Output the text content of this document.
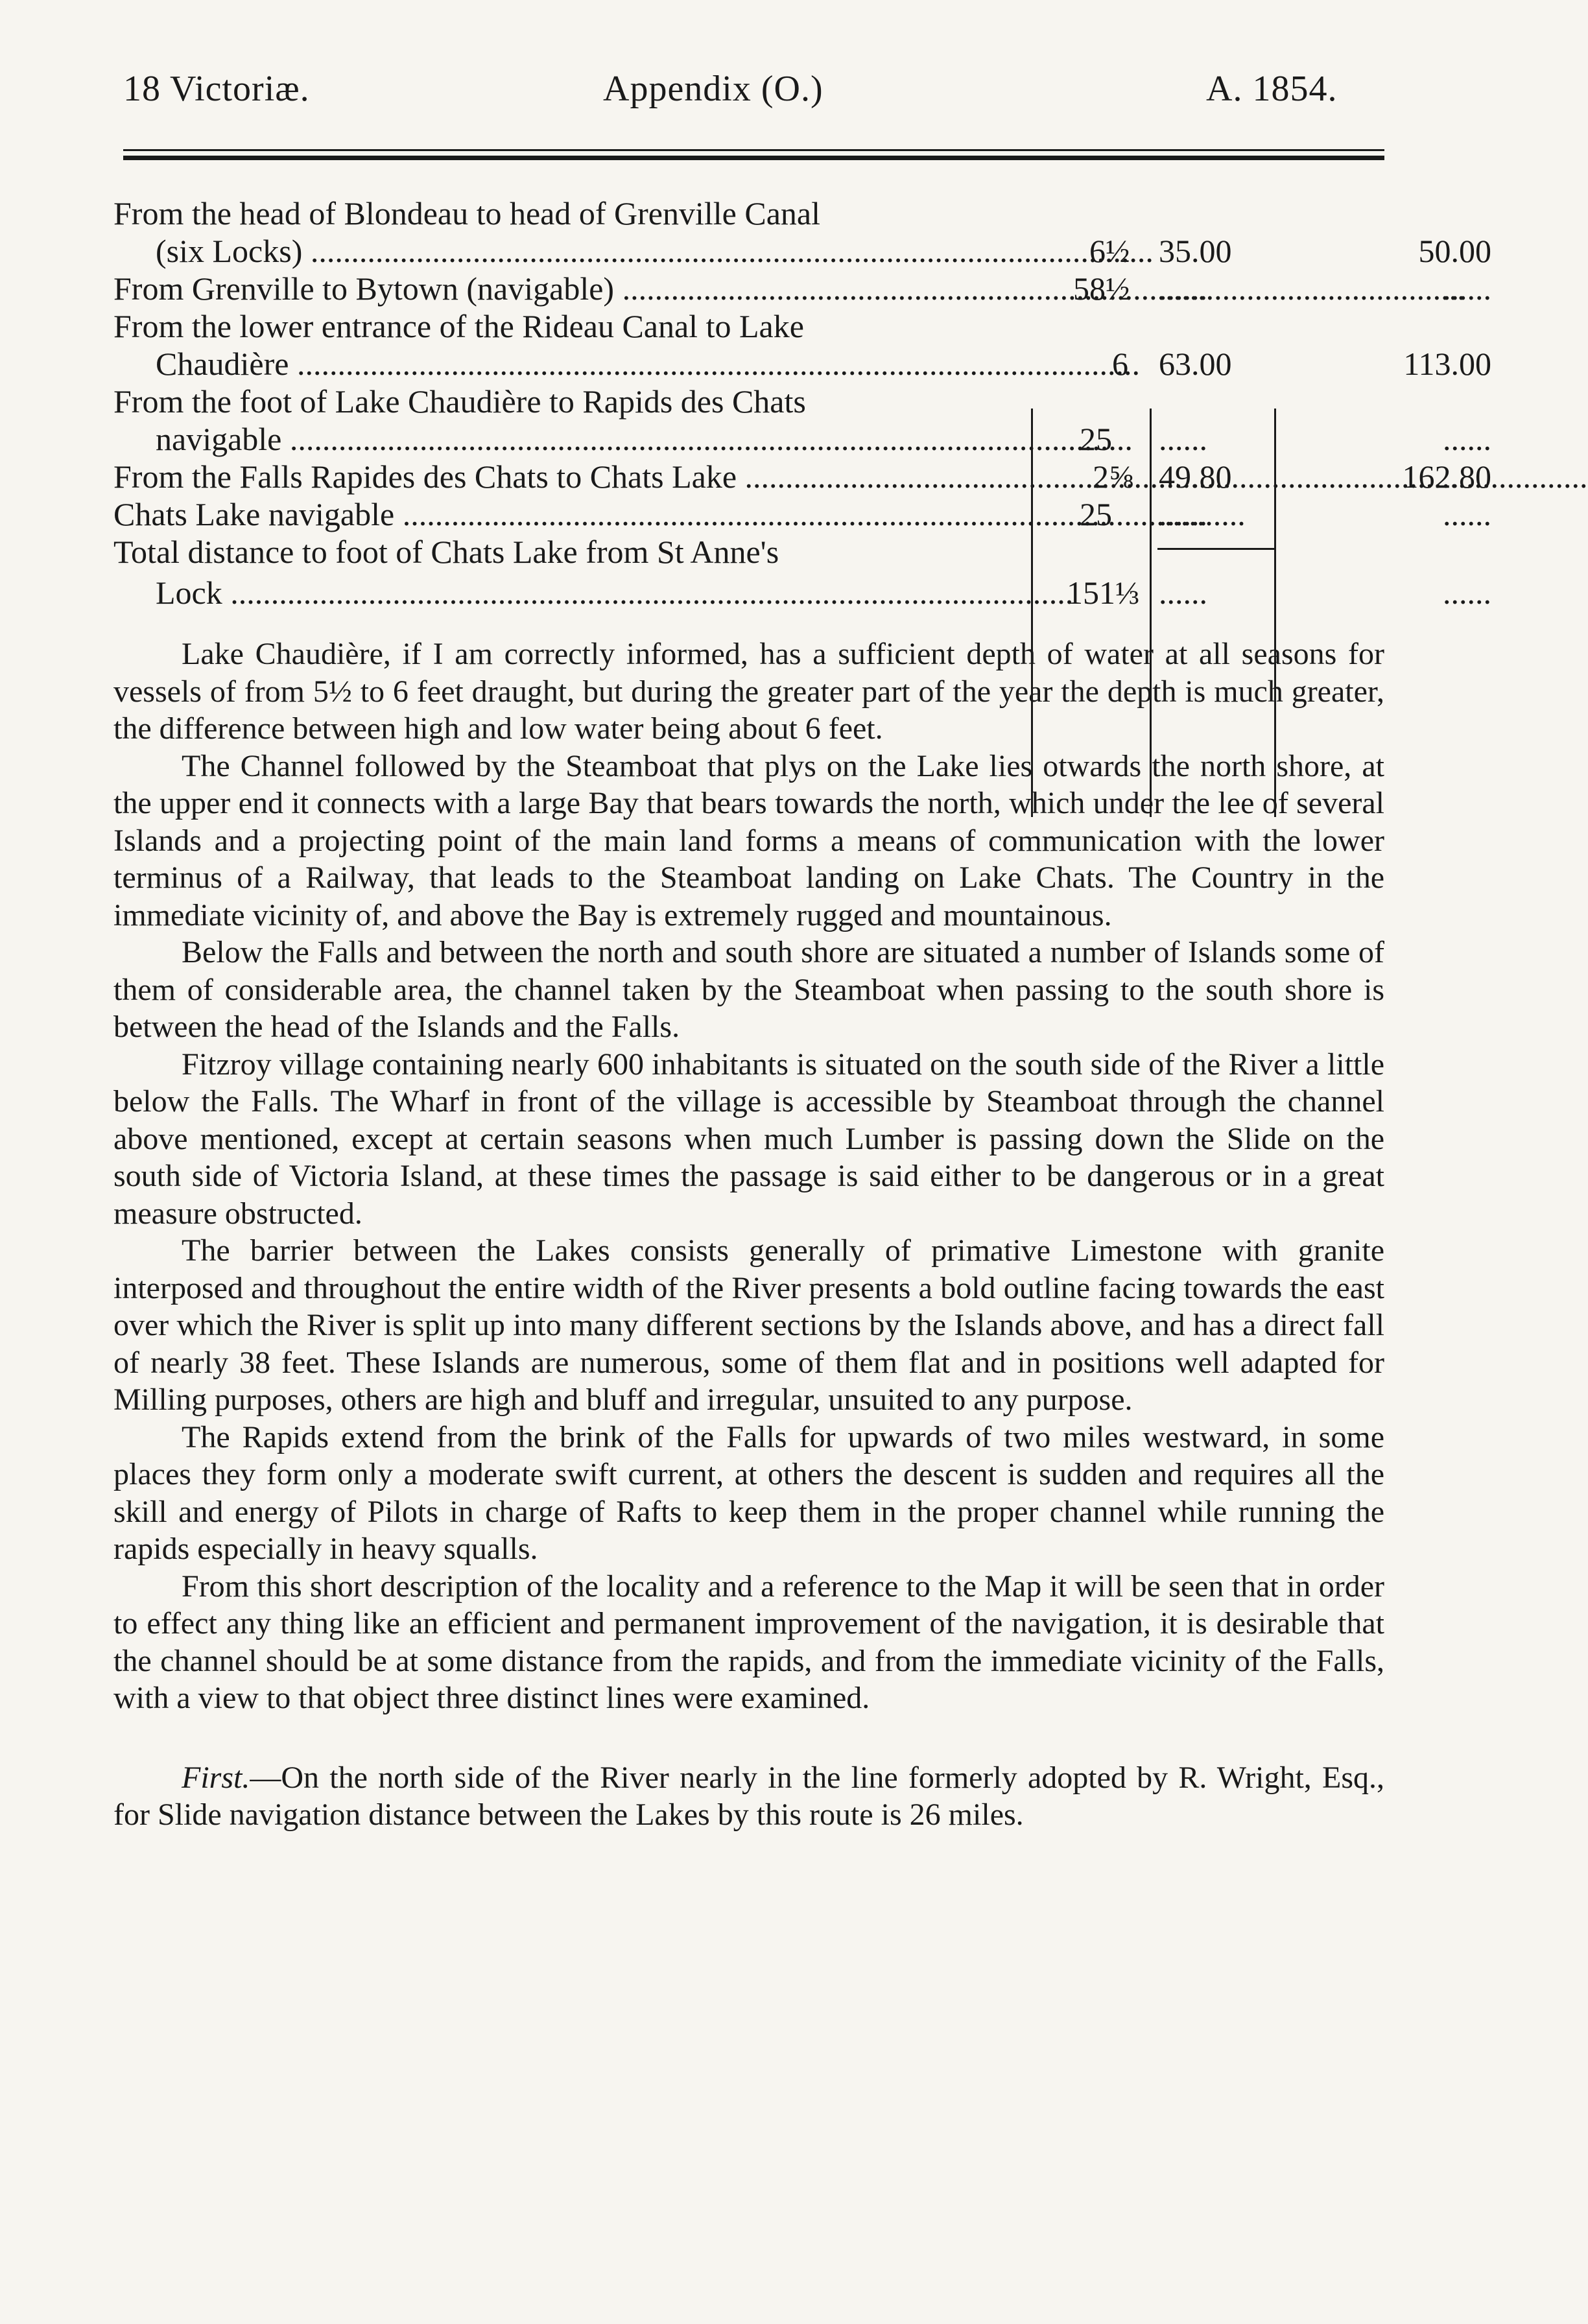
18 Victoriæ.	Appendix (O.)	A. 1854.
From the head of Blondeau to head of Grenville Canal
(six Locks) .....	6½ 35.00	50.00
From Grenville to Bytown (navigable) .....	58½ ......	......
From the lower entrance of the Rideau Canal to Lake
Chaudière .....	6 63.00	113.00
From the foot of Lake Chaudière to Rapids des Chats
navigable .....	25 ......	......
From the Falls Rapides des Chats to Chats Lake .....	2⅝ 49.80	162.80
Chats Lake navigable .....	25 ......	......
Total distance to foot of Chats Lake from St Anne's
Lock .....	151⅓ ......	......

Lake Chaudière, if I am correctly informed, has a sufficient depth of water at all seasons for vessels of from 5½ to 6 feet draught, but during the greater part of the year the depth is much greater, the difference between high and low water being about 6 feet.

The Channel followed by the Steamboat that plys on the Lake lies otwards the north shore, at the upper end it connects with a large Bay that bears towards the north, which under the lee of several Islands and a projecting point of the main land forms a means of communication with the lower terminus of a Railway, that leads to the Steamboat landing on Lake Chats. The Country in the immediate vicinity of, and above the Bay is extremely rugged and mountainous.

Below the Falls and between the north and south shore are situated a number of Islands some of them of considerable area, the channel taken by the Steamboat when passing to the south shore is between the head of the Islands and the Falls.

Fitzroy village containing nearly 600 inhabitants is situated on the south side of the River a little below the Falls. The Wharf in front of the village is accessible by Steamboat through the channel above mentioned, except at certain seasons when much Lumber is passing down the Slide on the south side of Victoria Island, at these times the passage is said either to be dangerous or in a great measure obstructed.

The barrier between the Lakes consists generally of primative Limestone with granite interposed and throughout the entire width of the River presents a bold outline facing towards the east over which the River is split up into many different sections by the Islands above, and has a direct fall of nearly 38 feet. These Islands are numerous, some of them flat and in positions well adapted for Milling purposes, others are high and bluff and irregular, unsuited to any purpose.

The Rapids extend from the brink of the Falls for upwards of two miles westward, in some places they form only a moderate swift current, at others the descent is sudden and requires all the skill and energy of Pilots in charge of Rafts to keep them in the proper channel while running the rapids especially in heavy squalls.

From this short description of the locality and a reference to the Map it will be seen that in order to effect any thing like an efficient and permanent improvement of the navigation, it is desirable that the channel should be at some distance from the rapids, and from the immediate vicinity of the Falls, with a view to that object three distinct lines were examined.

First.—On the north side of the River nearly in the line formerly adopted by R. Wright, Esq., for Slide navigation distance between the Lakes by this route is 26 miles.
